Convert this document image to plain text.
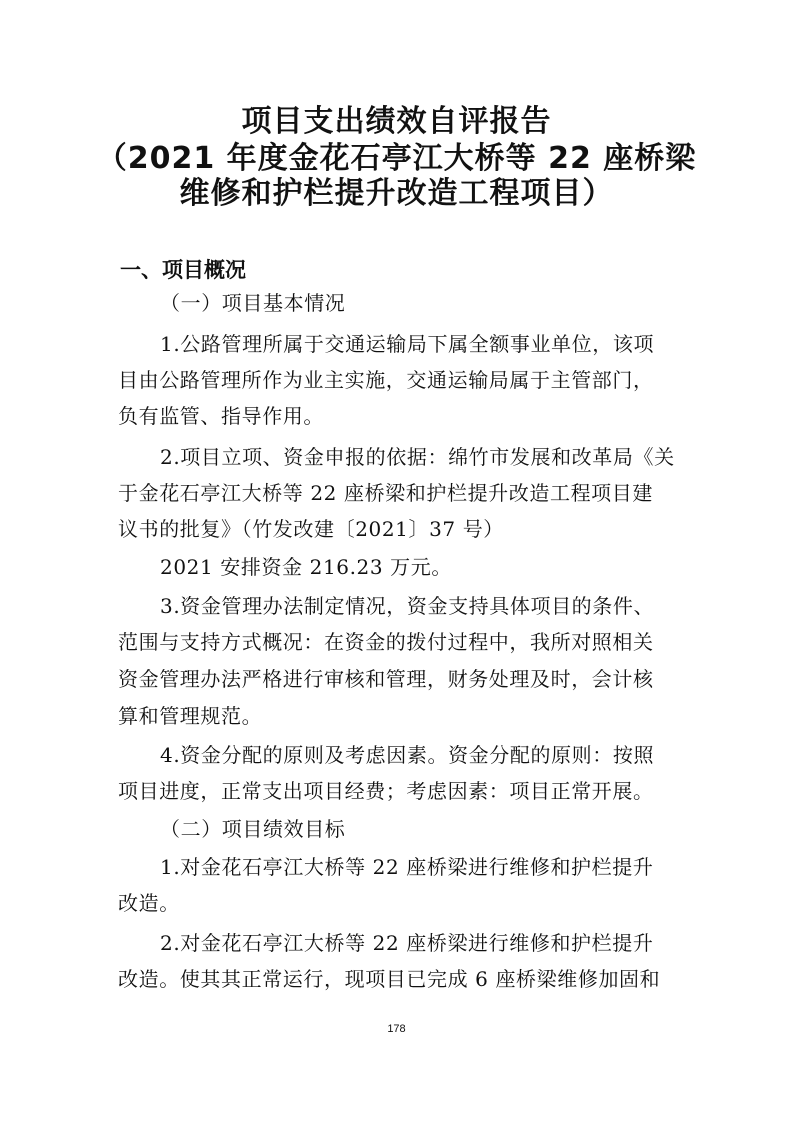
项目支出绩效自评报告
（2021 年度金花石亭江大桥等 22 座桥梁
维修和护栏提升改造工程项目）
一、项目概况
（一）项目基本情况
1.公路管理所属于交通运输局下属全额事业单位，该项
目由公路管理所作为业主实施，交通运输局属于主管部门，
负有监管、指导作用。
2.项目立项、资金申报的依据：绵竹市发展和改革局《关
于金花石亭江大桥等 22 座桥梁和护栏提升改造工程项目建
议书的批复》（竹发改建〔2021〕37 号）
2021 安排资金 216.23 万元。
3.资金管理办法制定情况，资金支持具体项目的条件、
范围与支持方式概况：在资金的拨付过程中，我所对照相关
资金管理办法严格进行审核和管理，财务处理及时，会计核
算和管理规范。
4.资金分配的原则及考虑因素。资金分配的原则：按照
项目进度，正常支出项目经费；考虑因素：项目正常开展。
（二）项目绩效目标
1.对金花石亭江大桥等 22 座桥梁进行维修和护栏提升
改造。
2.对金花石亭江大桥等 22 座桥梁进行维修和护栏提升
改造。使其其正常运行，现项目已完成 6 座桥梁维修加固和
178
